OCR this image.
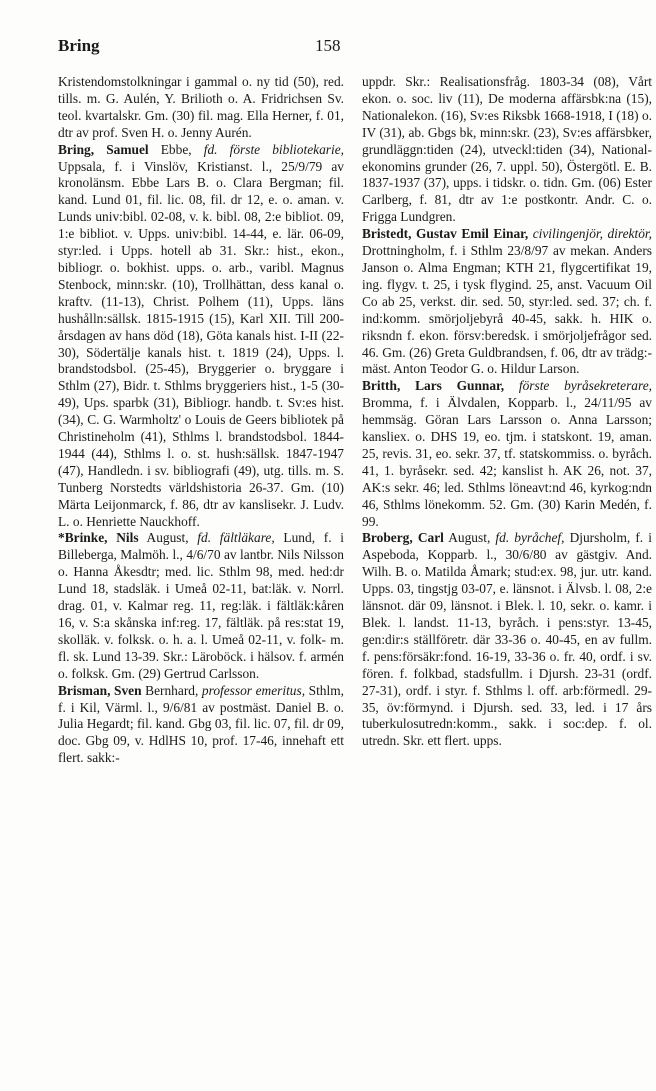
Bring	158

Kristendomstolkningar i gammal o. ny tid (50), red. tills. m. G. Aulén, Y. Brilioth o. A. Fridrichsen Sv. teol. kvartalskr. Gm. (30) fil. mag. Ella Herner, f. 01, dtr av prof. Sven H. o. Jenny Aurén.

Bring, Samuel Ebbe, fd. förste bibliotekarie, Uppsala, f. i Vinslöv, Kristianst. l., 25/9/79 av kronolänsm. Ebbe Lars B. o. Clara Bergman; fil. kand. Lund 01, fil. lic. 08, fil. dr 12, e. o. aman. v. Lunds univ:bibl. 02-08, v. k. bibl. 08, 2:e bibliot. 09, 1:e bibliot. v. Upps. univ:bibl. 14-44, e. lär. 06-09, styr:led. i Upps. hotell ab 31. Skr.: hist., ekon., bibliogr. o. bokhist. upps. o. arb., varibl. Magnus Stenbock, minn:skr. (10), Trollhättan, dess kanal o. kraftv. (11-13), Christ. Polhem (11), Upps. läns hushålln:sällsk. 1815-1915 (15), Karl XII. Till 200-årsdagen av hans död (18), Göta kanals hist. I-II (22-30), Södertälje kanals hist. t. 1819 (24), Upps. l. brandstodsbol. (25-45), Bryggerier o. bryggare i Sthlm (27), Bidr. t. Sthlms bryggeriers hist., 1-5 (30-49), Ups. sparbk (31), Bibliogr. handb. t. Sv:es hist. (34), C. G. Warmholtz' o Louis de Geers bibliotek på Christineholm (41), Sthlms l. brandstodsbol. 1844-1944 (44), Sthlms l. o. st. hush:sällsk. 1847-1947 (47), Handledn. i sv. bibliografi (49), utg. tills. m. S. Tunberg Norstedts världshistoria 26-37. Gm. (10) Märta Leijonmarck, f. 86, dtr av kanslisekr. J. Ludv. L. o. Henriette Nauckhoff.

*Brinke, Nils August, fd. fältläkare, Lund, f. i Billeberga, Malmöh. l., 4/6/70 av lantbr. Nils Nilsson o. Hanna Åkesdtr; med. lic. Sthlm 98, med. hed:dr Lund 18, stadsläk. i Umeå 02-11, bat:läk. v. Norrl. drag. 01, v. Kalmar reg. 11, reg:läk. i fältläk:kåren 16, v. S:a skånska inf:reg. 17, fältläk. på res:stat 19, skolläk. v. folksk. o. h. a. l. Umeå 02-11, v. folk- m. fl. sk. Lund 13-39. Skr.: Läroböck. i hälsov. f. armén o. folksk. Gm. (29) Gertrud Carlsson.

Brisman, Sven Bernhard, professor emeritus, Sthlm, f. i Kil, Värml. l., 9/6/81 av postmäst. Daniel B. o. Julia Hegardt; fil. kand. Gbg 03, fil. lic. 07, fil. dr 09, doc. Gbg 09, v. HdlHS 10, prof. 17-46, innehaft ett flert. sakk:-

uppdr. Skr.: Realisationsfråg. 1803-34 (08), Vårt ekon. o. soc. liv (11), De moderna affärsbk:na (15), Nationalekon. (16), Sv:es Riksbk 1668-1918, I (18) o. IV (31), ab. Gbgs bk, minn:skr. (23), Sv:es affärsbker, grundläggn:tiden (24), utveckl:tiden (34), Nationalekonomins grunder (26, 7. uppl. 50), Östergötl. E. B. 1837-1937 (37), upps. i tidskr. o. tidn. Gm. (06) Ester Carlberg, f. 81, dtr av 1:e postkontr. Andr. C. o. Frigga Lundgren.

Bristedt, Gustav Emil Einar, civilingenjör, direktör, Drottningholm, f. i Sthlm 23/8/97 av mekan. Anders Janson o. Alma Engman; KTH 21, flygcertifikat 19, ing. flygv. t. 25, i tysk flygind. 25, anst. Vacuum Oil Co ab 25, verkst. dir. sed. 50, styr:led. sed. 37; ch. f. ind:komm. smörjoljebyrå 40-45, sakk. h. HIK o. riksndn f. ekon. försv:beredsk. i smörjoljefrågor sed. 46. Gm. (26) Greta Guldbrandsen, f. 06, dtr av trädg:mäst. Anton Teodor G. o. Hildur Larson.

Britth, Lars Gunnar, förste byråsekreterare, Bromma, f. i Älvdalen, Kopparb. l., 24/11/95 av hemmsäg. Göran Lars Larsson o. Anna Larsson; kansliex. o. DHS 19, eo. tjm. i statskont. 19, aman. 25, revis. 31, eo. sekr. 37, tf. statskommiss. o. byråch. 41, 1. byråsekr. sed. 42; kanslist h. AK 26, not. 37, AK:s sekr. 46; led. Sthlms löneavt:nd 46, kyrkog:ndn 46, Sthlms lönekomm. 52. Gm. (30) Karin Medén, f. 99.

Broberg, Carl August, fd. byråchef, Djursholm, f. i Aspeboda, Kopparb. l., 30/6/80 av gästgiv. And. Wilh. B. o. Matilda Åmark; stud:ex. 98, jur. utr. kand. Upps. 03, tingstjg 03-07, e. länsnot. i Älvsb. l. 08, 2:e länsnot. där 09, länsnot. i Blek. l. 10, sekr. o. kamr. i Blek. l. landst. 11-13, byråch. i pens:styr. 13-45, gen:dir:s ställföretr. där 33-36 o. 40-45, en av fullm. f. pens:försäkr:fond. 16-19, 33-36 o. fr. 40, ordf. i sv. fören. f. folkbad, stadsfullm. i Djursh. 23-31 (ordf. 27-31), ordf. i styr. f. Sthlms l. off. arb:förmedl. 29-35, öv:förmynd. i Djursh. sed. 33, led. i 17 års tuberkulosutredn:komm., sakk. i soc:dep. f. ol. utredn. Skr. ett flert. upps.
